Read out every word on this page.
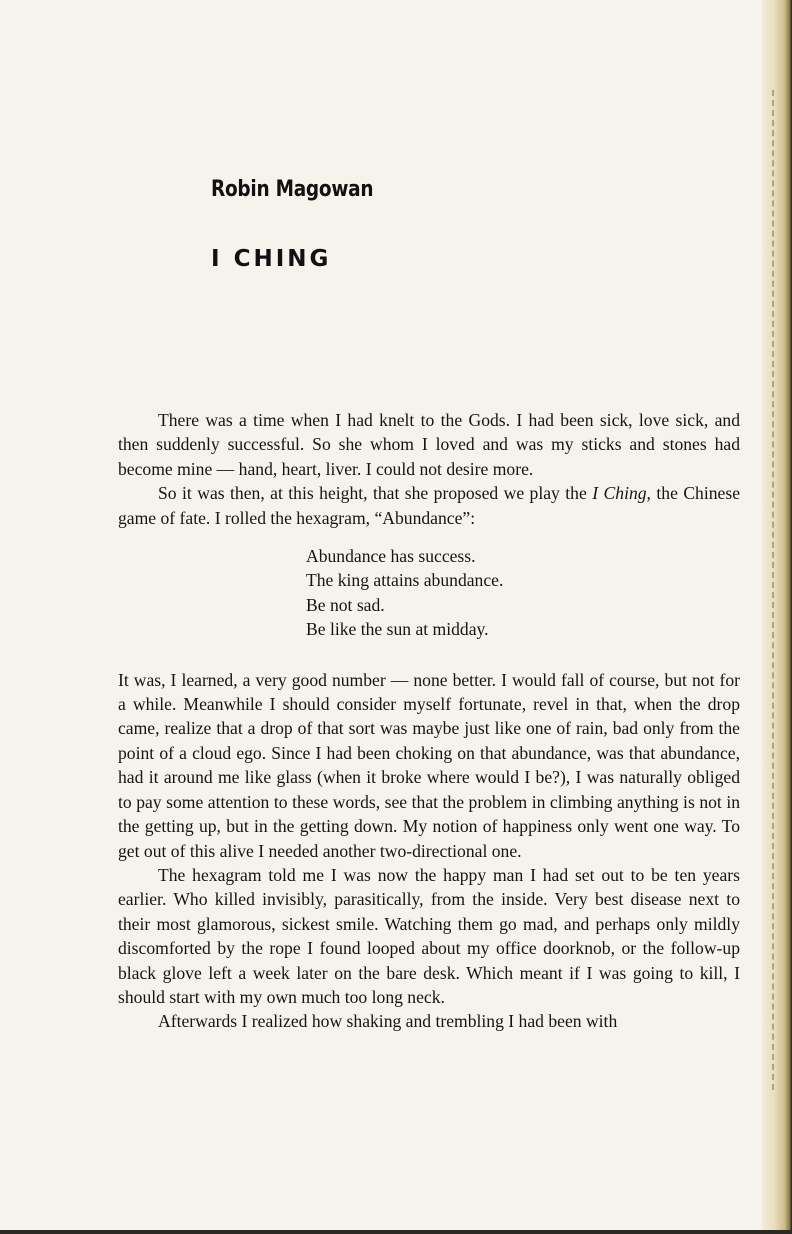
Robin Magowan
I CHING

There was a time when I had knelt to the Gods. I had been sick, love sick, and then suddenly successful. So she whom I loved and was my sticks and stones had become mine — hand, heart, liver. I could not desire more.

So it was then, at this height, that she proposed we play the I Ching, the Chinese game of fate. I rolled the hexagram, “Abundance”:

Abundance has success.
The king attains abundance.
Be not sad.
Be like the sun at midday.

It was, I learned, a very good number — none better. I would fall of course, but not for a while. Meanwhile I should consider myself fortunate, revel in that, when the drop came, realize that a drop of that sort was maybe just like one of rain, bad only from the point of a cloud ego. Since I had been choking on that abundance, was that abundance, had it around me like glass (when it broke where would I be?), I was naturally obliged to pay some attention to these words, see that the problem in climbing anything is not in the getting up, but in the getting down. My notion of happiness only went one way. To get out of this alive I needed another two-directional one.

The hexagram told me I was now the happy man I had set out to be ten years earlier. Who killed invisibly, parasitically, from the inside. Very best disease next to their most glamorous, sickest smile. Watching them go mad, and perhaps only mildly discomforted by the rope I found looped about my office doorknob, or the follow-up black glove left a week later on the bare desk. Which meant if I was going to kill, I should start with my own much too long neck.

Afterwards I realized how shaking and trembling I had been with
